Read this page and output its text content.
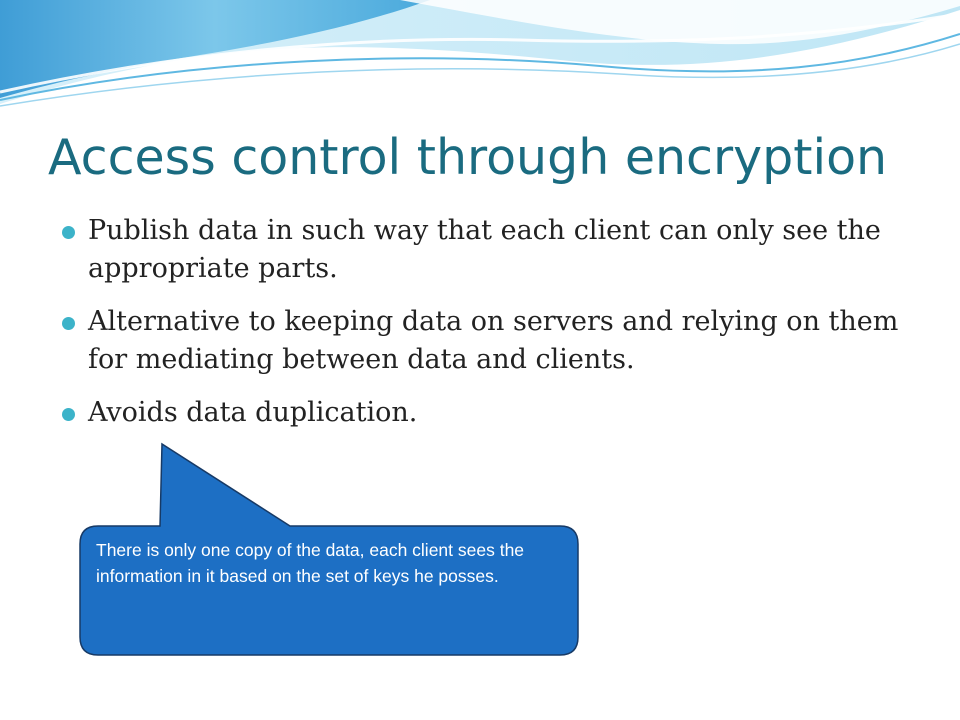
Access control through encryption
Publish data in such way that each client can only see the appropriate parts.
Alternative to keeping data on servers and relying on them for mediating between data and clients.
Avoids data duplication.

There is only one copy of the data, each client sees the information in it based on the set of keys he posses.
